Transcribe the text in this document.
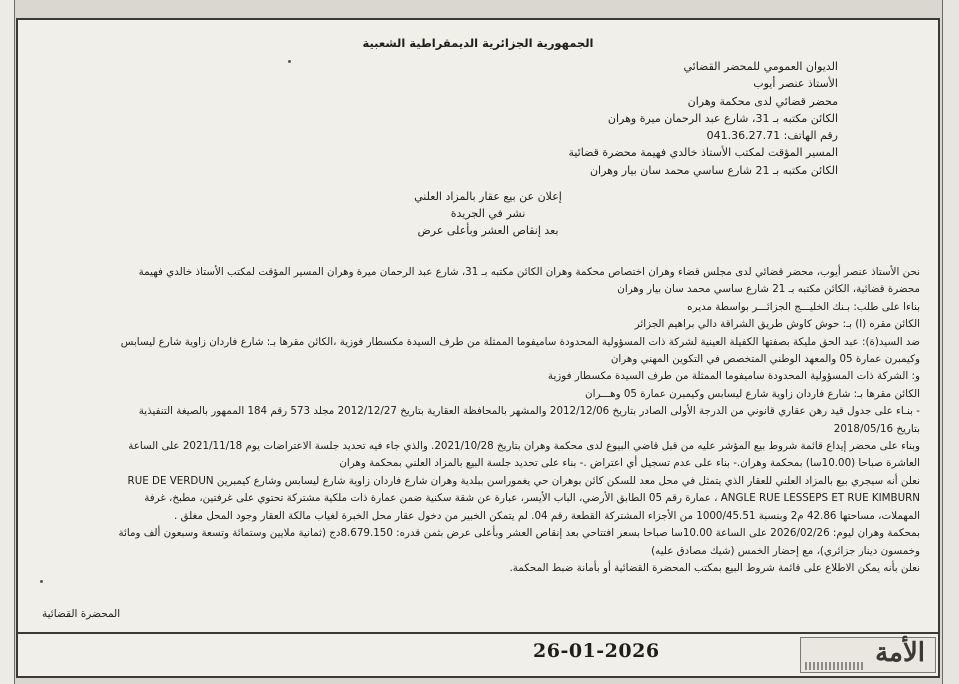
الجمهورية الجزائرية الديمقراطية الشعبية
الديوان العمومي للمحضر القضائي
الأستاذ عنصر أيوب
محضر قضائي لدى محكمة وهران
الكائن مكتبه بـ 31، شارع عبد الرحمان ميرة وهران
رقم الهاتف: 041.36.27.71
المسير المؤقت لمكتب الأستاذ خالدي فهيمة محضرة قضائية
الكائن مكتبه بـ 21 شارع ساسي محمد سان بيار وهران
إعلان عن بيع عقار بالمزاد العلني
نشر في الجريدة
بعد إنقاص العشر وبأعلى عرض

نحن الأستاذ عنصر أيوب، محضر قضائي لدى مجلس قضاء وهران اختصاص محكمة وهران الكائن مكتبه بـ 31، شارع عبد الرحمان ميرة وهران المسير المؤقت لمكتب الأستاذ خالدي فهيمة

محضرة قضائية، الكائن مكتبه بـ 21 شارع ساسي محمد سان بيار وهران

بناءا على طلب: بـنك الخليـــج الجزائـــر بواسطة مديره

الكائن مقره (ا) بـ: حوش كاوش طريق الشراقة دالي براهيم الجزائر

ضد السيد(ة): عبد الحق مليكة بصفتها الكفيلة العينية لشركة ذات المسؤولية المحدودة ساميفوما الممثلة من طرف السيدة مكسطار فوزية ،الكائن مقرها بـ: شارع فاردان زاوية شارع ليسابس

وكيمبرن عمارة 05 والمعهد الوطني المتخصص في التكوين المهني وهران

و: الشركة ذات المسؤولية المحدودة ساميفوما الممثلة من طرف السيدة مكسطار فوزية

الكائن مقرها بـ: شارع فاردان زاوية شارع ليسابس وكيمبرن عمارة 05 وهـــران

- بنـاء على جدول قيد رهن عقاري قانوني من الدرجة الأولى الصادر بتاريخ 2012/12/06 والمشهر بالمحافظة العقارية بتاريخ 2012/12/27 مجلد 573 رقم 184 الممهور بالصيغة التنفيذية

بتاريخ 2018/05/16

وبناء على محضر إيداع قائمة شروط بيع المؤشر عليه من قبل قاضي البيوع لدى محكمة وهران بتاريخ 2021/10/28. والذي جاء فيه تحديد جلسة الاعتراضات يوم 2021/11/18 على الساعة

العاشرة صباحا (10.00سا) بمحكمة وهران.- بناء على عدم تسجيل أي اعتراض .- بناء على تحديد جلسة البيع بالمزاد العلني بمحكمة وهران

نعلن أنه سيجري بيع بالمزاد العلني للعقار الذي يتمثل في محل معد للسكن كائن بوهران حي يغموراسن ببلدية وهران شارع فاردان زاوية شارع ليسابس وشارع كيمبرين RUE DE VERDUN

ANGLE RUE LESSEPS ET RUE KIMBURN ، عمارة رقم 05 الطابق الأرضي، الباب الأيسر، عبارة عن شقة سكنية ضمن عمارة ذات ملكية مشتركة تحتوي على غرفتين، مطبخ، غرفة

المهملات، مساحتها 42.86 م2 وبنسبة 1000/45.51 من الأجزاء المشتركة القطعة رقم 04. لم يتمكن الخبير من دخول عقار محل الخبرة لغياب مالكة العقار وجود المحل مغلق .

بمحكمة وهران ليوم: 2026/02/26 على الساعة 10.00سا صباحا بسعر افتتاحي بعد إنقاص العشر وبأعلى عرض بثمن قدره: 8.679.150دج (ثمانية ملايين وستمائة وتسعة وسبعون ألف ومائة

وخمسون دينار جزائري)، مع إحضار الخمس (شيك مصادق عليه)

نعلن بأنه يمكن الاطلاع على قائمة شروط البيع بمكتب المحضرة القضائية أو بأمانة ضبط المحكمة.

المحضرة القضائية
26-01-2026	الأمة
